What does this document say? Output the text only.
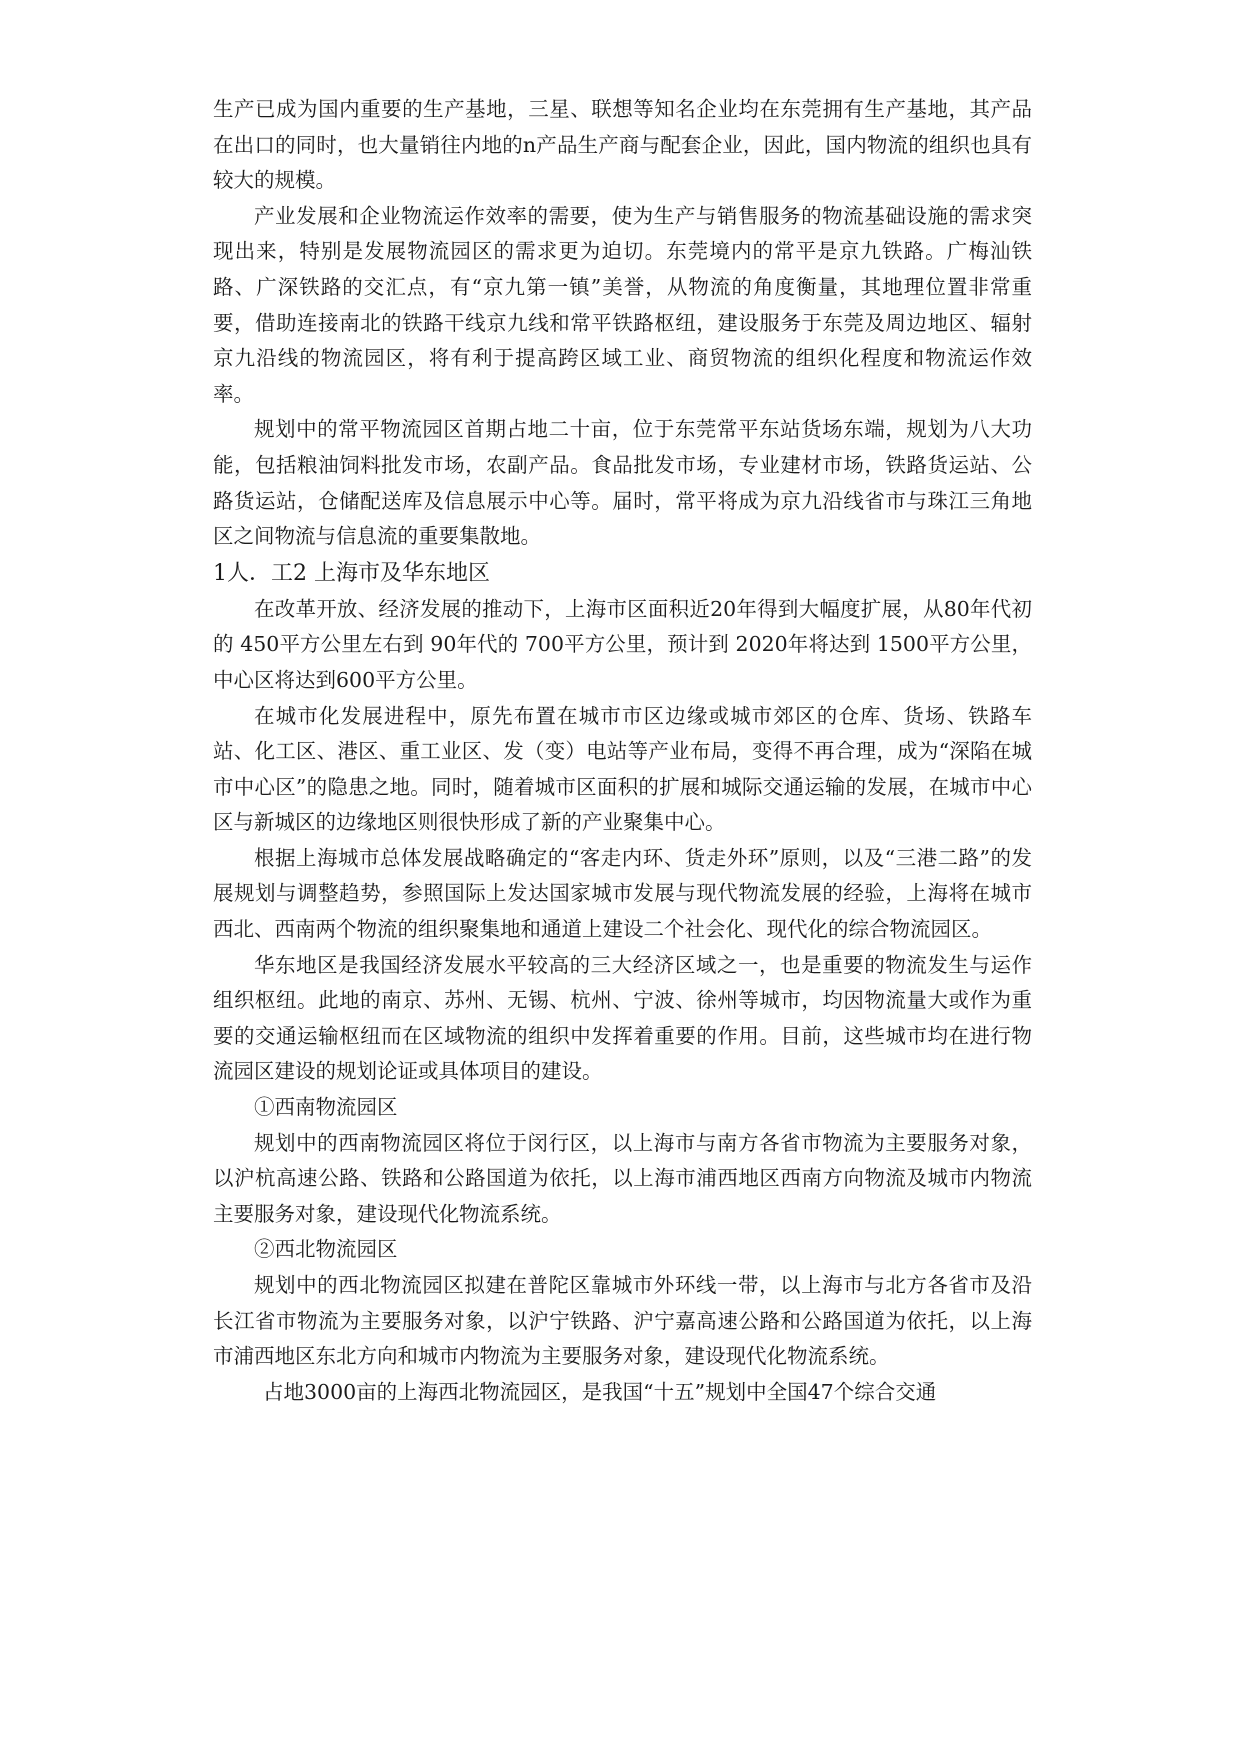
生产已成为国内重要的生产基地，三星、联想等知名企业均在东莞拥有生产基地，其产品在出口的同时，也大量销往内地的n产品生产商与配套企业，因此，国内物流的组织也具有较大的规模。

产业发展和企业物流运作效率的需要，使为生产与销售服务的物流基础设施的需求突现出来，特别是发展物流园区的需求更为迫切。东莞境内的常平是京九铁路。广梅汕铁路、广深铁路的交汇点，有“京九第一镇”美誉，从物流的角度衡量，其地理位置非常重要，借助连接南北的铁路干线京九线和常平铁路枢纽，建设服务于东莞及周边地区、辐射京九沿线的物流园区，将有利于提高跨区域工业、商贸物流的组织化程度和物流运作效率。

规划中的常平物流园区首期占地二十亩，位于东莞常平东站货场东端，规划为八大功能，包括粮油饲料批发市场，农副产品。食品批发市场，专业建材市场，铁路货运站、公路货运站，仓储配送库及信息展示中心等。届时，常平将成为京九沿线省市与珠江三角地区之间物流与信息流的重要集散地。

1人．工2 上海市及华东地区

在改革开放、经济发展的推动下，上海市区面积近20年得到大幅度扩展，从80年代初的 450平方公里左右到 90年代的 700平方公里，预计到 2020年将达到 1500平方公里，中心区将达到600平方公里。

在城市化发展进程中，原先布置在城市市区边缘或城市郊区的仓库、货场、铁路车站、化工区、港区、重工业区、发（变）电站等产业布局，变得不再合理，成为“深陷在城市中心区”的隐患之地。同时，随着城市区面积的扩展和城际交通运输的发展，在城市中心区与新城区的边缘地区则很快形成了新的产业聚集中心。

根据上海城市总体发展战略确定的“客走内环、货走外环”原则，以及“三港二路”的发展规划与调整趋势，参照国际上发达国家城市发展与现代物流发展的经验，上海将在城市西北、西南两个物流的组织聚集地和通道上建设二个社会化、现代化的综合物流园区。

华东地区是我国经济发展水平较高的三大经济区域之一，也是重要的物流发生与运作组织枢纽。此地的南京、苏州、无锡、杭州、宁波、徐州等城市，均因物流量大或作为重要的交通运输枢纽而在区域物流的组织中发挥着重要的作用。目前，这些城市均在进行物流园区建设的规划论证或具体项目的建设。

①西南物流园区

规划中的西南物流园区将位于闵行区，以上海市与南方各省市物流为主要服务对象，以沪杭高速公路、铁路和公路国道为依托，以上海市浦西地区西南方向物流及城市内物流主要服务对象，建设现代化物流系统。

②西北物流园区

规划中的西北物流园区拟建在普陀区靠城市外环线一带，以上海市与北方各省市及沿长江省市物流为主要服务对象，以沪宁铁路、沪宁嘉高速公路和公路国道为依托，以上海市浦西地区东北方向和城市内物流为主要服务对象，建设现代化物流系统。

占地3000亩的上海西北物流园区，是我国“十五”规划中全国47个综合交通
